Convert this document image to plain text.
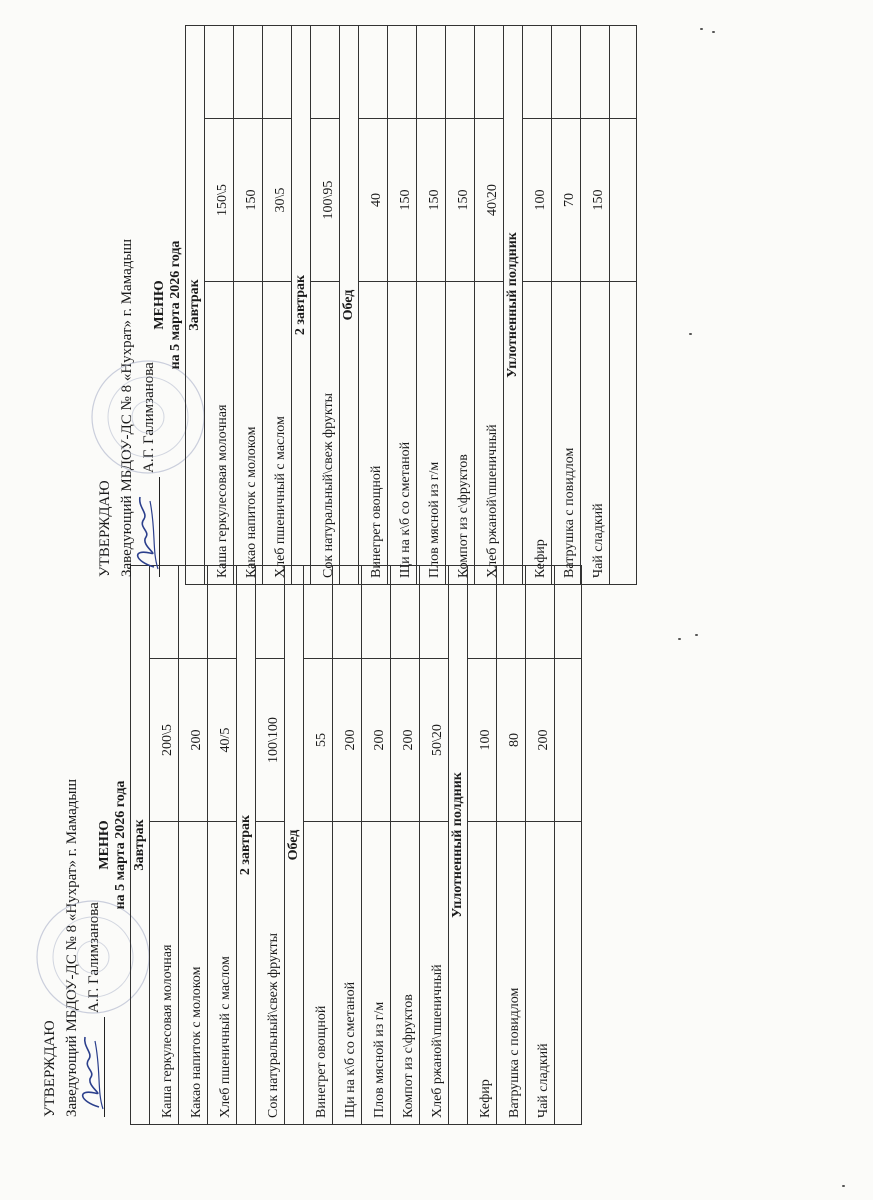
УТВЕРЖДАЮ Заведующий МБДОУ-ДС № 8 «Нухрат» г. Мамадыш А.Г. Галимзанова
МЕНЮ на 5 марта 2026 года Завтрак		
Каша геркулесовая молочная	200\5	
Какао напиток с молоком	200	
Хлеб пшеничный с маслом	40/5	
2 завтрак		
Сок натуральный\свеж фрукты	100\100	
Обед		
Винегрет овощной	55	
Щи на к\б со сметаной	200	
Плов мясной из г/м	200	
Компот из с\фруктов	200	
Хлеб ржаной\пшеничный	50\20	
Уплотненный полдник		
Кефир	100	
Ватрушка с повидлом	80	
Чай сладкий	200	

УТВЕРЖДАЮ Заведующий МБДОУ-ДС № 8 «Нухрат» г. Мамадыш А.Г. Галимзанова
МЕНЮ на 5 марта 2026 года Завтрак		
Каша геркулесовая молочная	150\5	
Какао напиток с молоком	150	
Хлеб пшеничный с маслом	30\5	
2 завтрак		
Сок натуральный\свеж фрукты	100\95	
Обед		
Винегрет овощной	40	
Щи на к\б со сметаной	150	
Плов мясной из г/м	150	
Компот из с\фруктов	150	
Хлеб ржаной\пшеничный	40\20	
Уплотненный полдник		
Кефир	100	
Ватрушка с повидлом	70	
Чай сладкий	150	
